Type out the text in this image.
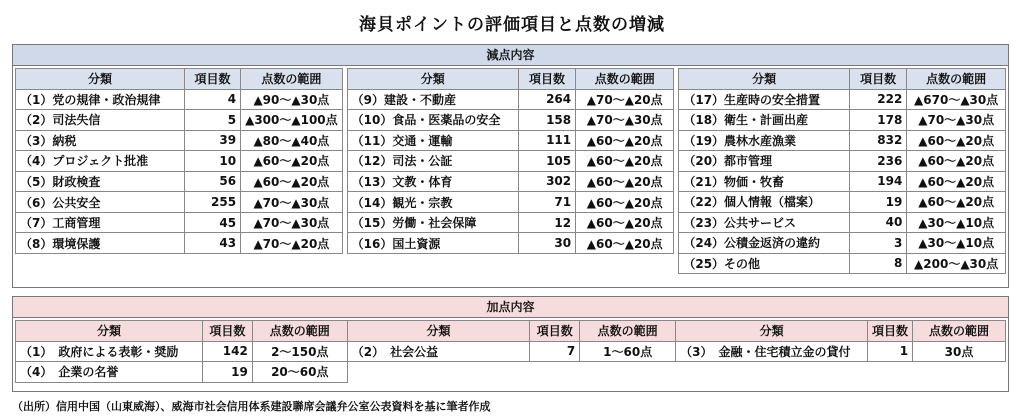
海貝ポイントの評価項目と点数の増減
減点内容
分類	項目数	点数の範囲
（1）党の規律・政治規律	4	▲90～▲30点
（2）司法失信	5	▲300～▲100点
（3）納税	39	▲80～▲40点
（4）プロジェクト批准	10	▲60～▲20点
（5）財政検査	56	▲60～▲20点
（6）公共安全	255	▲70～▲30点
（7）工商管理	45	▲70～▲30点
（8）環境保護	43	▲70～▲20点

分類	項目数	点数の範囲
（9）建設・不動産	264	▲70～▲20点
（10）食品・医薬品の安全	158	▲70～▲30点
（11）交通・運輸	111	▲60～▲20点
（12）司法・公証	105	▲60～▲20点
（13）文教・体育	302	▲60～▲20点
（14）観光・宗教	71	▲60～▲20点
（15）労働・社会保障	12	▲60～▲20点
（16）国土資源	30	▲60～▲20点

分類	項目数	点数の範囲
（17）生産時の安全措置	222	▲670～▲30点
（18）衛生・計画出産	178	▲70～▲30点
（19）農林水産漁業	832	▲60～▲20点
（20）都市管理	236	▲60～▲20点
（21）物価・牧畜	194	▲60～▲20点
（22）個人情報（檔案）	19	▲60～▲20点
（23）公共サービス	40	▲30～▲10点
（24）公積金返済の違約	3	▲30～▲10点
（25）その他	8	▲200～▲30点
加点内容
分類	項目数	点数の範囲	分類	項目数	点数の範囲	分類	項目数	点数の範囲
（1）　政府による表彰・奨励	142	2～150点	（2）　社会公益	7	1～60点	（3）　金融・住宅積立金の貸付	1	30点
（4）　企業の名誉	19	20～60点						
（出所）信用中国（山東威海）、威海市社会信用体系建設聯席会議弁公室公表資料を基に筆者作成
